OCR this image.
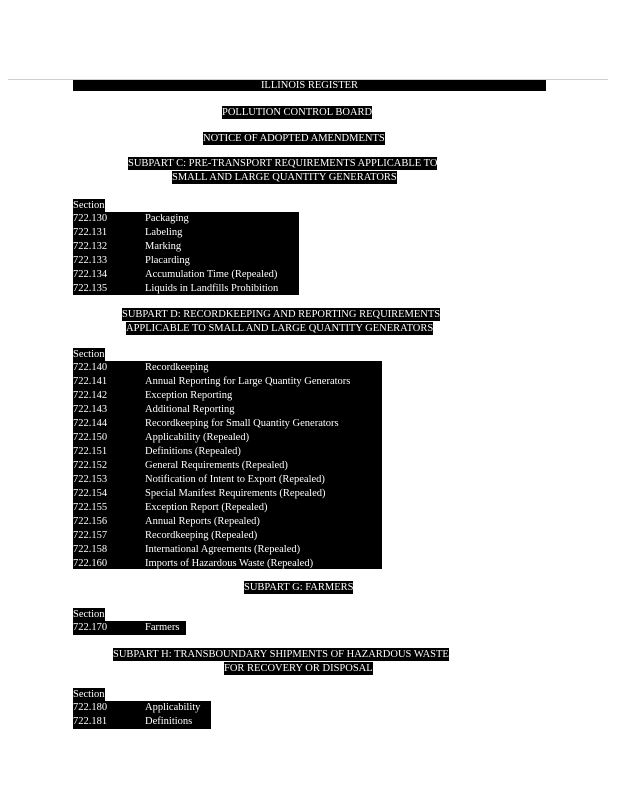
ILLINOIS REGISTER
POLLUTION CONTROL BOARD
NOTICE OF ADOPTED AMENDMENTS
SUBPART C: PRE-TRANSPORT REQUIREMENTS APPLICABLE TO
SMALL AND LARGE QUANTITY GENERATORS
Section
722.130	Packaging
722.131	Labeling
722.132	Marking
722.133	Placarding
722.134	Accumulation Time (Repealed)
722.135	Liquids in Landfills Prohibition
SUBPART D: RECORDKEEPING AND REPORTING REQUIREMENTS
APPLICABLE TO SMALL AND LARGE QUANTITY GENERATORS
Section
722.140	Recordkeeping
722.141	Annual Reporting for Large Quantity Generators
722.142	Exception Reporting
722.143	Additional Reporting
722.144	Recordkeeping for Small Quantity Generators
722.150	Applicability (Repealed)
722.151	Definitions (Repealed)
722.152	General Requirements (Repealed)
722.153	Notification of Intent to Export (Repealed)
722.154	Special Manifest Requirements (Repealed)
722.155	Exception Report (Repealed)
722.156	Annual Reports (Repealed)
722.157	Recordkeeping (Repealed)
722.158	International Agreements (Repealed)
722.160	Imports of Hazardous Waste (Repealed)
SUBPART G: FARMERS
Section
722.170	Farmers
SUBPART H: TRANSBOUNDARY SHIPMENTS OF HAZARDOUS WASTE
FOR RECOVERY OR DISPOSAL
Section
722.180	Applicability
722.181	Definitions
